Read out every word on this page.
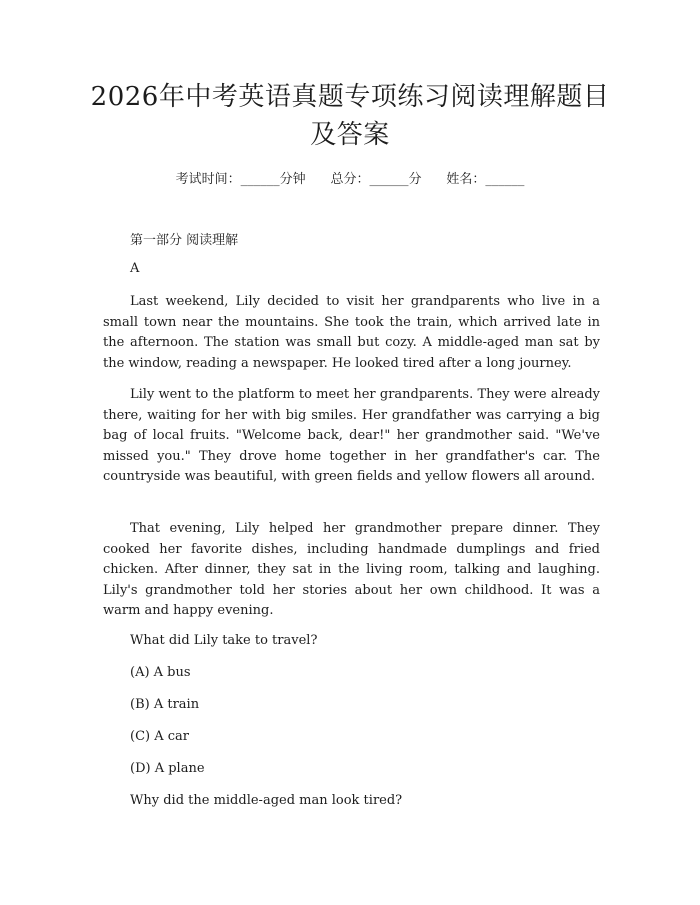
2026年中考英语真题专项练习阅读理解题目
及答案
考试时间：______分钟 总分：______分 姓名：______

第一部分 阅读理解

A

Last weekend, Lily decided to visit her grandparents who live in a small town near the mountains. She took the train, which arrived late in the afternoon. The station was small but cozy. A middle-aged man sat by the window, reading a newspaper. He looked tired after a long journey.

Lily went to the platform to meet her grandparents. They were already there, waiting for her with big smiles. Her grandfather was carrying a big bag of local fruits. "Welcome back, dear!" her grandmother said. "We've missed you." They drove home together in her grandfather's car. The countryside was beautiful, with green fields and yellow flowers all around.

That evening, Lily helped her grandmother prepare dinner. They cooked her favorite dishes, including handmade dumplings and fried chicken. After dinner, they sat in the living room, talking and laughing. Lily's grandmother told her stories about her own childhood. It was a warm and happy evening.

What did Lily take to travel?

(A) A bus

(B) A train

(C) A car

(D) A plane

Why did the middle-aged man look tired?
